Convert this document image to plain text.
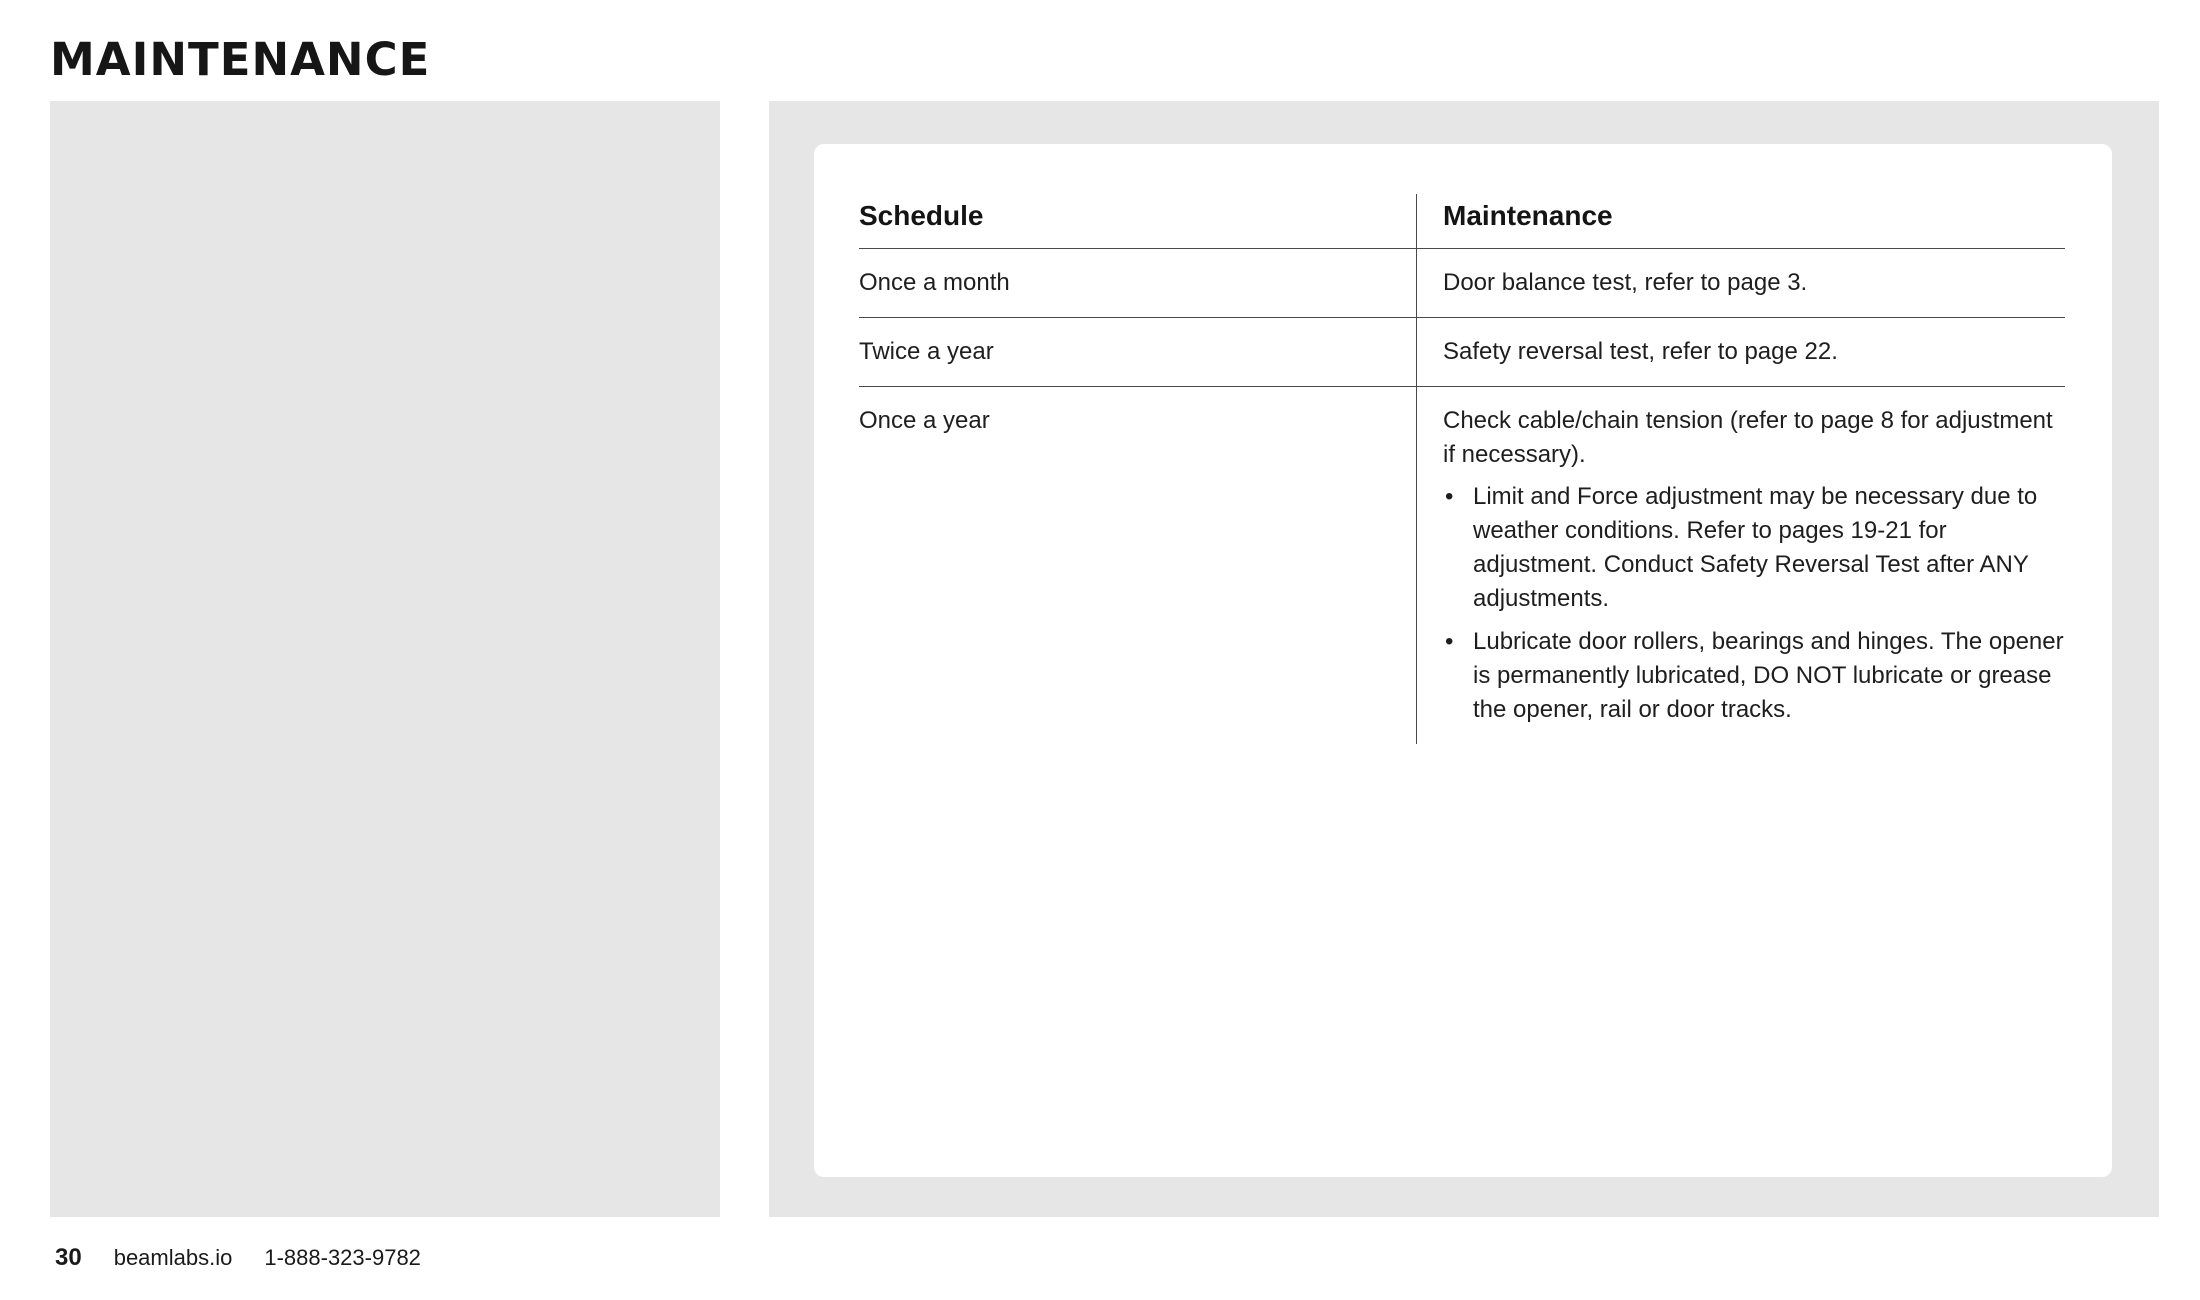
MAINTENANCE
Schedule	Maintenance
Once a month	Door balance test, refer to page 3.
Twice a year	Safety reversal test, refer to page 22.
Once a year	Check cable/chain tension (refer to page 8 for adjustment if necessary).
• Limit and Force adjustment may be necessary due to weather conditions. Refer to pages 19-21 for adjustment. Conduct Safety Reversal Test after ANY adjustments.
• Lubricate door rollers, bearings and hinges. The opener is permanently lubricated, DO NOT lubricate or grease the opener, rail or door tracks.
30 beamlabs.io 1-888-323-9782
